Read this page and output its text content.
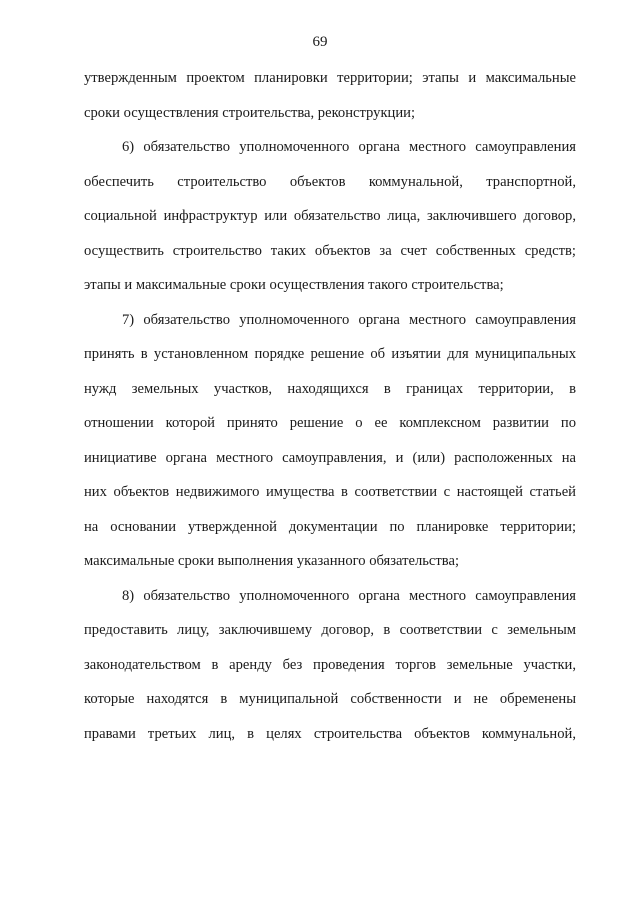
69
утвержденным проектом планировки территории; этапы и максимальные
сроки осуществления строительства, реконструкции;
6) обязательство уполномоченного органа местного самоуправления
обеспечить строительство объектов коммунальной, транспортной,
социальной инфраструктур или обязательство лица, заключившего договор,
осуществить строительство таких объектов за счет собственных средств;
этапы и максимальные сроки осуществления такого строительства;
7) обязательство уполномоченного органа местного самоуправления
принять в установленном порядке решение об изъятии для муниципальных
нужд земельных участков, находящихся в границах территории, в
отношении которой принято решение о ее комплексном развитии по
инициативе органа местного самоуправления, и (или) расположенных на
них объектов недвижимого имущества в соответствии с настоящей статьей
на основании утвержденной документации по планировке территории;
максимальные сроки выполнения указанного обязательства;
8) обязательство уполномоченного органа местного самоуправления
предоставить лицу, заключившему договор, в соответствии с земельным
законодательством в аренду без проведения торгов земельные участки,
которые находятся в муниципальной собственности и не обременены
правами третьих лиц, в целях строительства объектов коммунальной,
